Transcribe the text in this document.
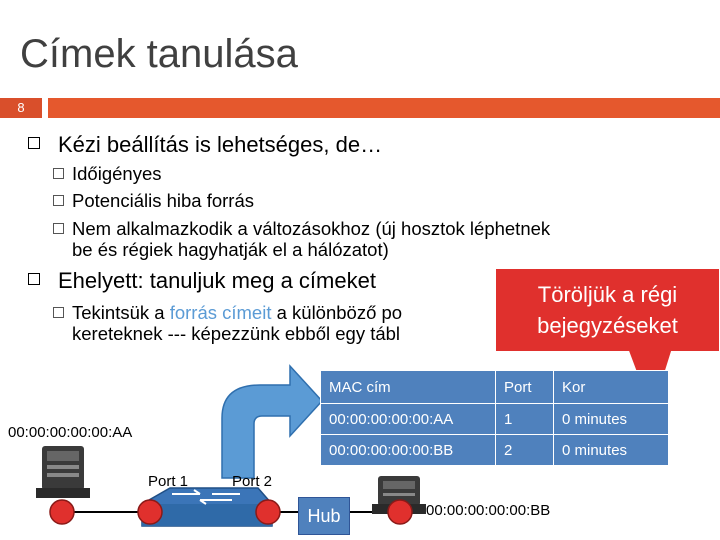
Címek tanulása
8
Kézi beállítás is lehetséges, de…
Időigényes
Potenciális hiba forrás
Nem alkalmazkodik a változásokhoz (új hosztok léphetnek
be és régiek hagyhatják el a hálózatot)
Ehelyett: tanuljuk meg a címeket
Tekintsük a forrás címeit a különböző po
kereteknek --- képezzünk ebből egy tábl
Töröljük a régi
bejegyzéseket
MAC cím	Port	Kor
00:00:00:00:00:AA	1	0 minutes
00:00:00:00:00:BB	2	0 minutes
00:00:00:00:00:AA
Port 1	Port 2
Hub	00:00:00:00:00:BB
